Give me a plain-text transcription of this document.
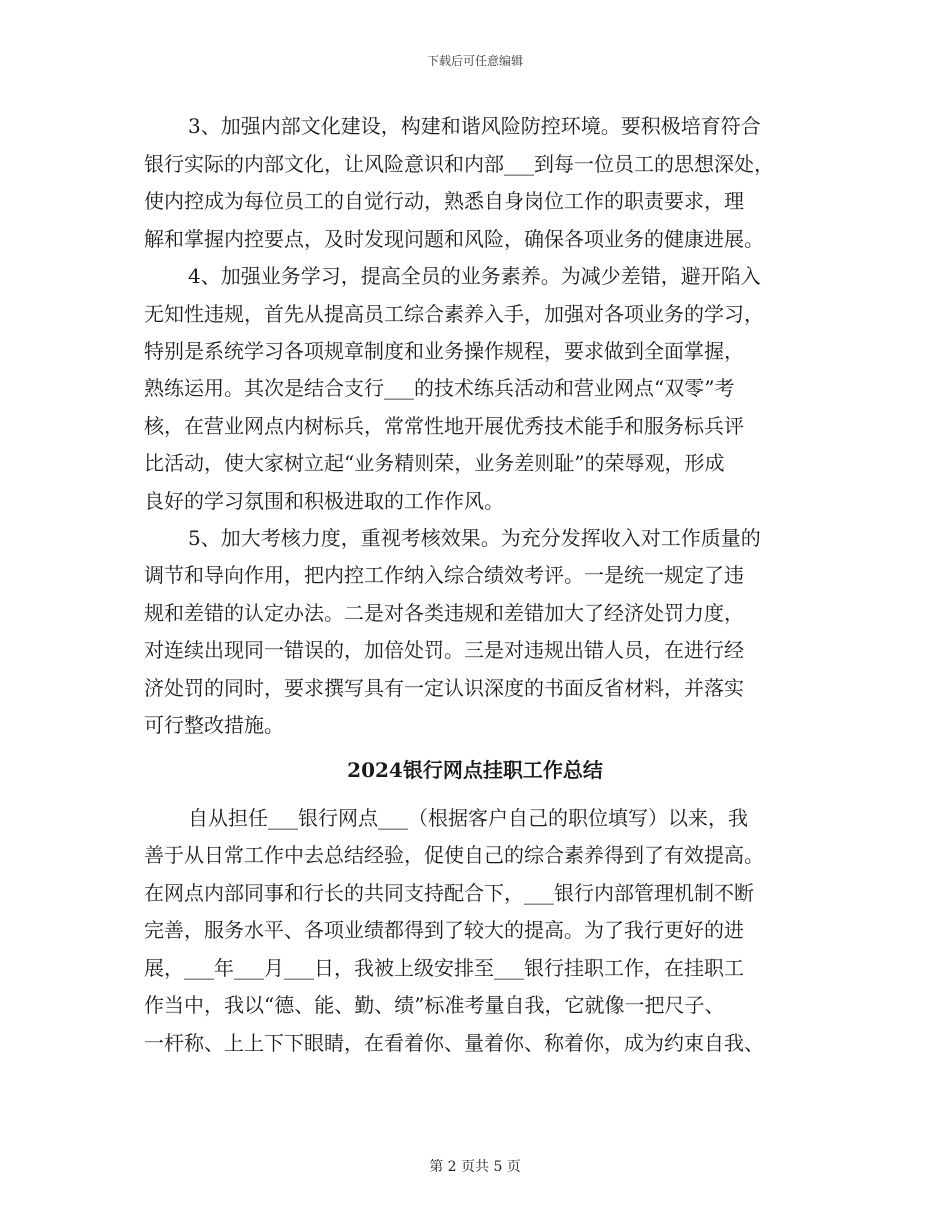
下载后可任意编辑
3、加强内部文化建设，构建和谐风险防控环境。要积极培育符合
银行实际的内部文化，让风险意识和内部___到每一位员工的思想深处，
使内控成为每位员工的自觉行动，熟悉自身岗位工作的职责要求，理
解和掌握内控要点，及时发现问题和风险，确保各项业务的健康进展。
4、加强业务学习，提高全员的业务素养。为减少差错，避开陷入
无知性违规，首先从提高员工综合素养入手，加强对各项业务的学习，
特别是系统学习各项规章制度和业务操作规程，要求做到全面掌握，
熟练运用。其次是结合支行___的技术练兵活动和营业网点“双零”考
核，在营业网点内树标兵，常常性地开展优秀技术能手和服务标兵评
比活动，使大家树立起“业务精则荣，业务差则耻”的荣辱观，形成
良好的学习氛围和积极进取的工作作风。
5、加大考核力度，重视考核效果。为充分发挥收入对工作质量的
调节和导向作用，把内控工作纳入综合绩效考评。一是统一规定了违
规和差错的认定办法。二是对各类违规和差错加大了经济处罚力度，
对连续出现同一错误的，加倍处罚。三是对违规出错人员，在进行经
济处罚的同时，要求撰写具有一定认识深度的书面反省材料，并落实
可行整改措施。
2024银行网点挂职工作总结
自从担任___银行网点___（根据客户自己的职位填写）以来，我
善于从日常工作中去总结经验，促使自己的综合素养得到了有效提高。
在网点内部同事和行长的共同支持配合下，___银行内部管理机制不断
完善，服务水平、各项业绩都得到了较大的提高。为了我行更好的进
展，___年___月___日，我被上级安排至___银行挂职工作，在挂职工
作当中，我以“德、能、勤、绩”标准考量自我，它就像一把尺子、
一杆称、上上下下眼睛，在看着你、量着你、称着你，成为约束自我、
第 2 页共 5 页
